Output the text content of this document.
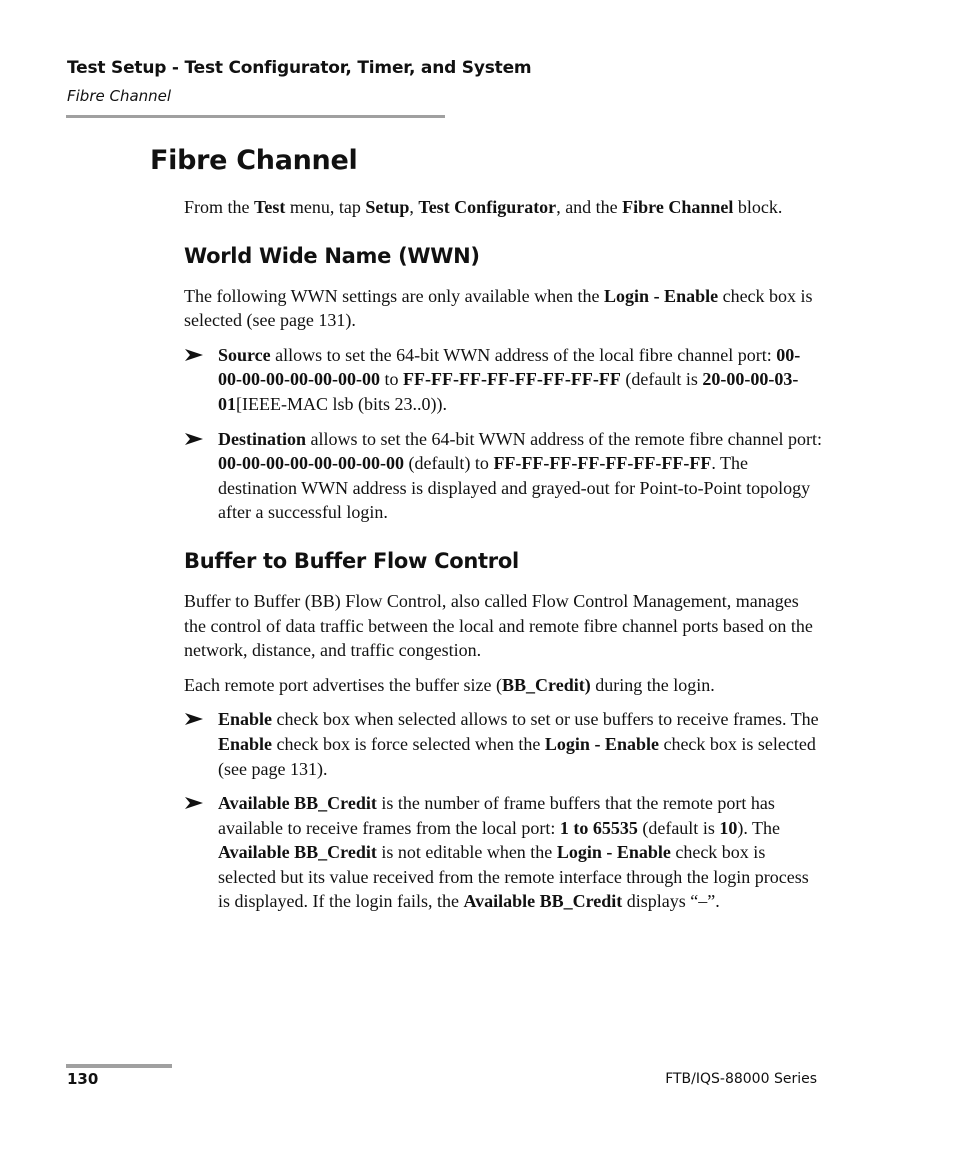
Test Setup - Test Configurator, Timer, and System
Fibre Channel
Fibre Channel

From the Test menu, tap Setup, Test Configurator, and the Fibre Channel block.

World Wide Name (WWN)

The following WWN settings are only available when the Login - Enable check box is selected (see page 131).

Source allows to set the 64-bit WWN address of the local fibre channel port: 00-00-00-00-00-00-00-00 to FF-FF-FF-FF-FF-FF-FF-FF (default is 20-00-00-03-01[IEEE-MAC lsb (bits 23..0)).

Destination allows to set the 64-bit WWN address of the remote fibre channel port: 00-00-00-00-00-00-00-00 (default) to FF-FF-FF-FF-FF-FF-FF-FF. The destination WWN address is displayed and grayed-out for Point-to-Point topology after a successful login.

Buffer to Buffer Flow Control

Buffer to Buffer (BB) Flow Control, also called Flow Control Management, manages the control of data traffic between the local and remote fibre channel ports based on the network, distance, and traffic congestion.

Each remote port advertises the buffer size (BB_Credit) during the login.

Enable check box when selected allows to set or use buffers to receive frames. The Enable check box is force selected when the Login - Enable check box is selected (see page 131).

Available BB_Credit is the number of frame buffers that the remote port has available to receive frames from the local port: 1 to 65535 (default is 10). The Available BB_Credit is not editable when the Login - Enable check box is selected but its value received from the remote interface through the login process is displayed. If the login fails, the Available BB_Credit displays “–”.

130	FTB/IQS-88000 Series
